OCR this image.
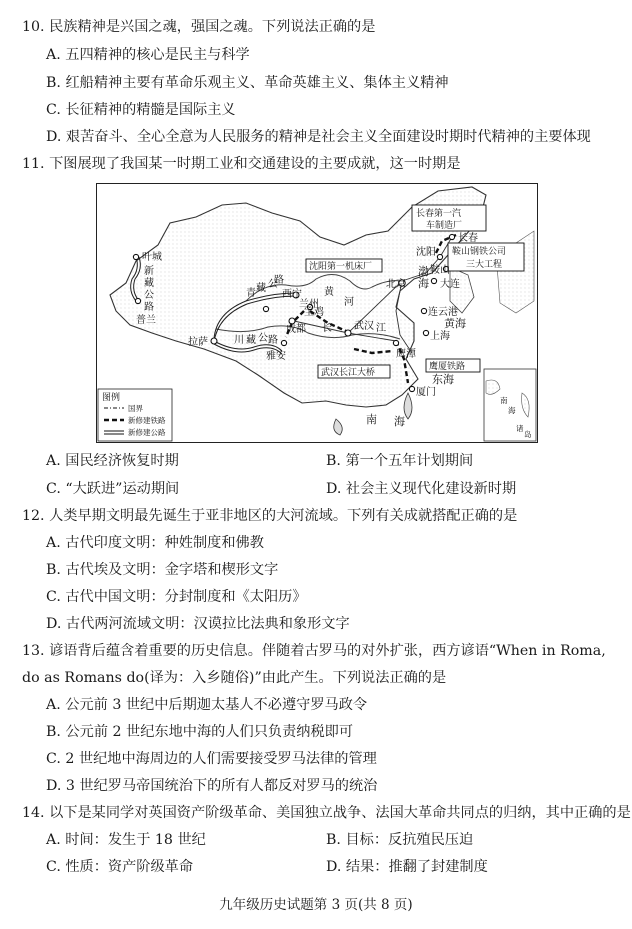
10. 民族精神是兴国之魂，强国之魂。下列说法正确的是
A. 五四精神的核心是民主与科学
B. 红船精神主要有革命乐观主义、革命英雄主义、集体主义精神
C. 长征精神的精髓是国际主义
D. 艰苦奋斗、全心全意为人民服务的精神是社会主义全面建设时期时代精神的主要体现
11. 下图展现了我国某一时期工业和交通建设的主要成就，这一时期是
长春第一汽
车制造厂
鞍山钢铁公司
三大工程
沈阳第一机床厂
武汉长江大桥
鹰厦铁路
叶城
新
藏
公
路
普兰
拉萨
西宁
青 藏 公
路
川 藏 公 路
雅安
成都
宝鸡
兰州
北京
武汉
鹰潭
上海
厦门
长春
沈阳
鞍山
大连
连云港
黄
河
长	江
渤
海
黄海
东海
南 海
南
海
诸
岛
图例
国界
新修建铁路
新修建公路
A. 国民经济恢复时期	B. 第一个五年计划期间
C. “大跃进”运动期间	D. 社会主义现代化建设新时期
12. 人类早期文明最先诞生于亚非地区的大河流域。下列有关成就搭配正确的是
A. 古代印度文明：种姓制度和佛教
B. 古代埃及文明：金字塔和楔形文字
C. 古代中国文明：分封制度和《太阳历》
D. 古代两河流域文明：汉谟拉比法典和象形文字
13. 谚语背后蕴含着重要的历史信息。伴随着古罗马的对外扩张，西方谚语“When in Roma,
do as Romans do(译为：入乡随俗)”由此产生。下列说法正确的是
A. 公元前 3 世纪中后期迦太基人不必遵守罗马政令
B. 公元前 2 世纪东地中海的人们只负责纳税即可
C. 2 世纪地中海周边的人们需要接受罗马法律的管理
D. 3 世纪罗马帝国统治下的所有人都反对罗马的统治
14. 以下是某同学对英国资产阶级革命、美国独立战争、法国大革命共同点的归纳，其中正确的是
A. 时间：发生于 18 世纪	B. 目标：反抗殖民压迫
C. 性质：资产阶级革命	D. 结果：推翻了封建制度
九年级历史试题第 3 页(共 8 页)
